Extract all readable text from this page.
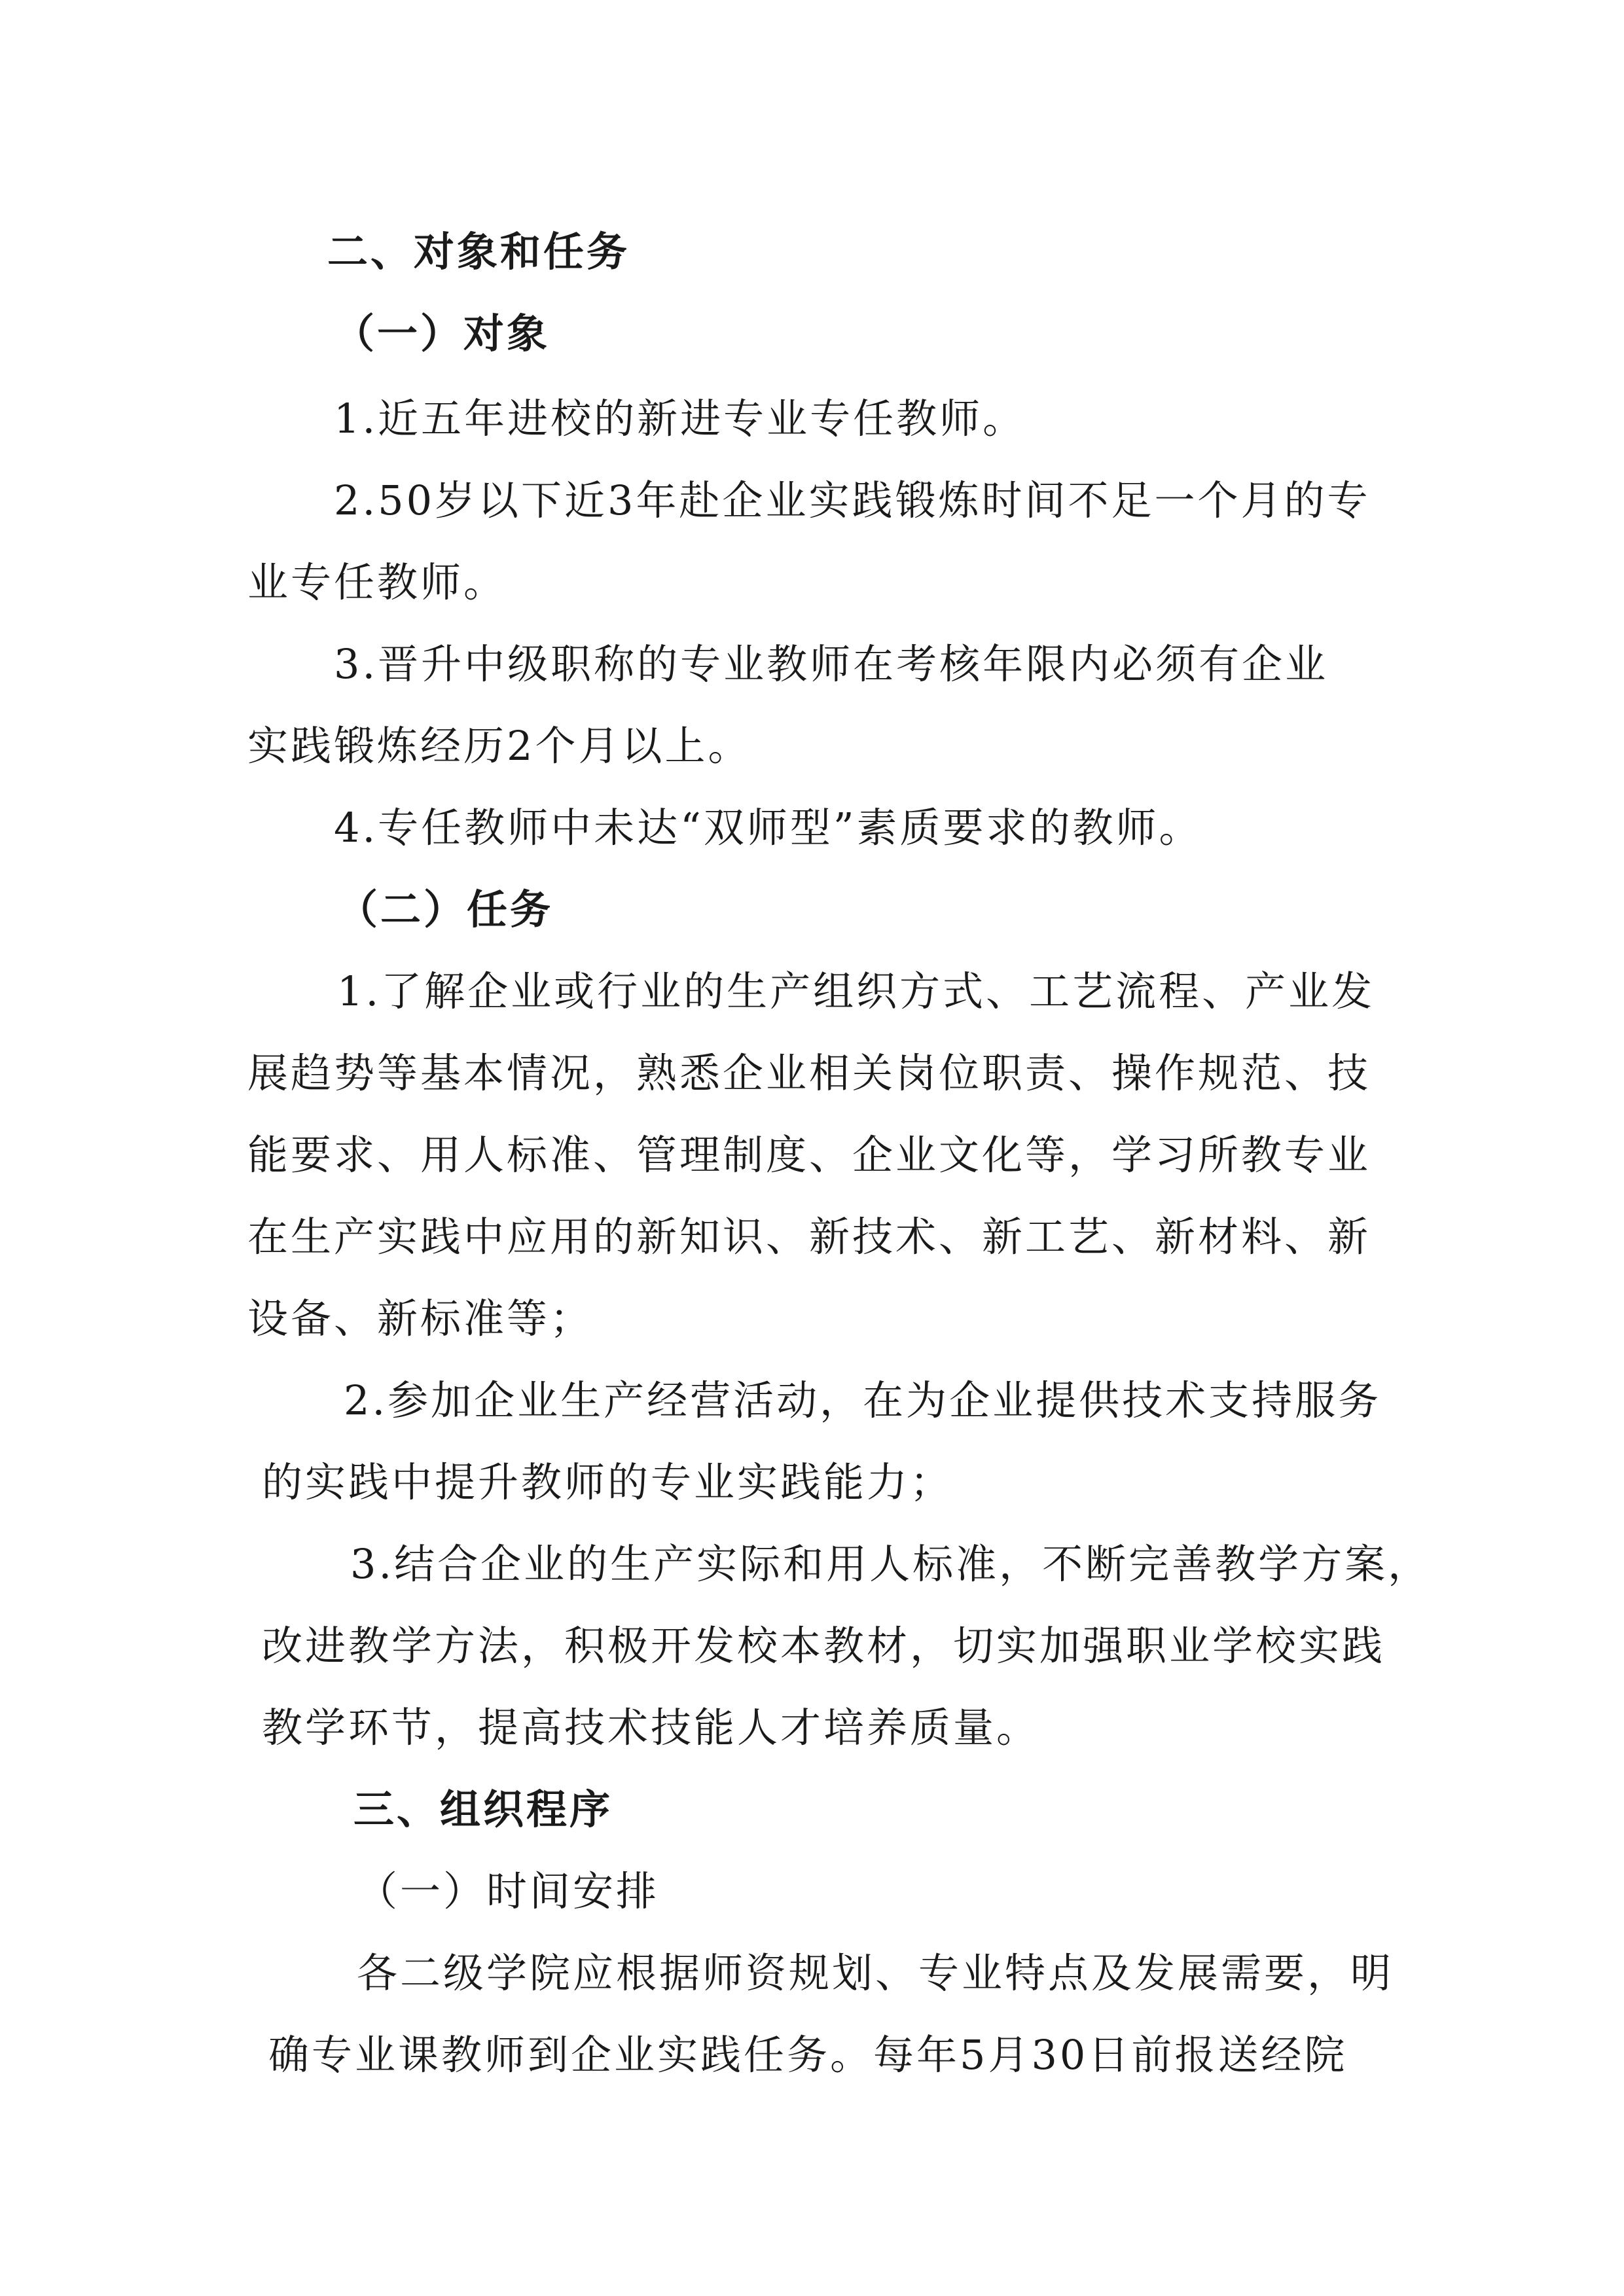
二、对象和任务
（一）对象
1.近五年进校的新进专业专任教师。
2.50岁以下近3年赴企业实践锻炼时间不足一个月的专
业专任教师。
3.晋升中级职称的专业教师在考核年限内必须有企业
实践锻炼经历2个月以上。
4.专任教师中未达“双师型”素质要求的教师。
（二）任务
1.了解企业或行业的生产组织方式、工艺流程、产业发
展趋势等基本情况，熟悉企业相关岗位职责、操作规范、技
能要求、用人标准、管理制度、企业文化等，学习所教专业
在生产实践中应用的新知识、新技术、新工艺、新材料、新
设备、新标准等；
2.参加企业生产经营活动，在为企业提供技术支持服务
的实践中提升教师的专业实践能力；
3.结合企业的生产实际和用人标准，不断完善教学方案，
改进教学方法，积极开发校本教材，切实加强职业学校实践
教学环节，提高技术技能人才培养质量。
三、组织程序
（一）时间安排
各二级学院应根据师资规划、专业特点及发展需要，明
确专业课教师到企业实践任务。每年5月30日前报送经院
